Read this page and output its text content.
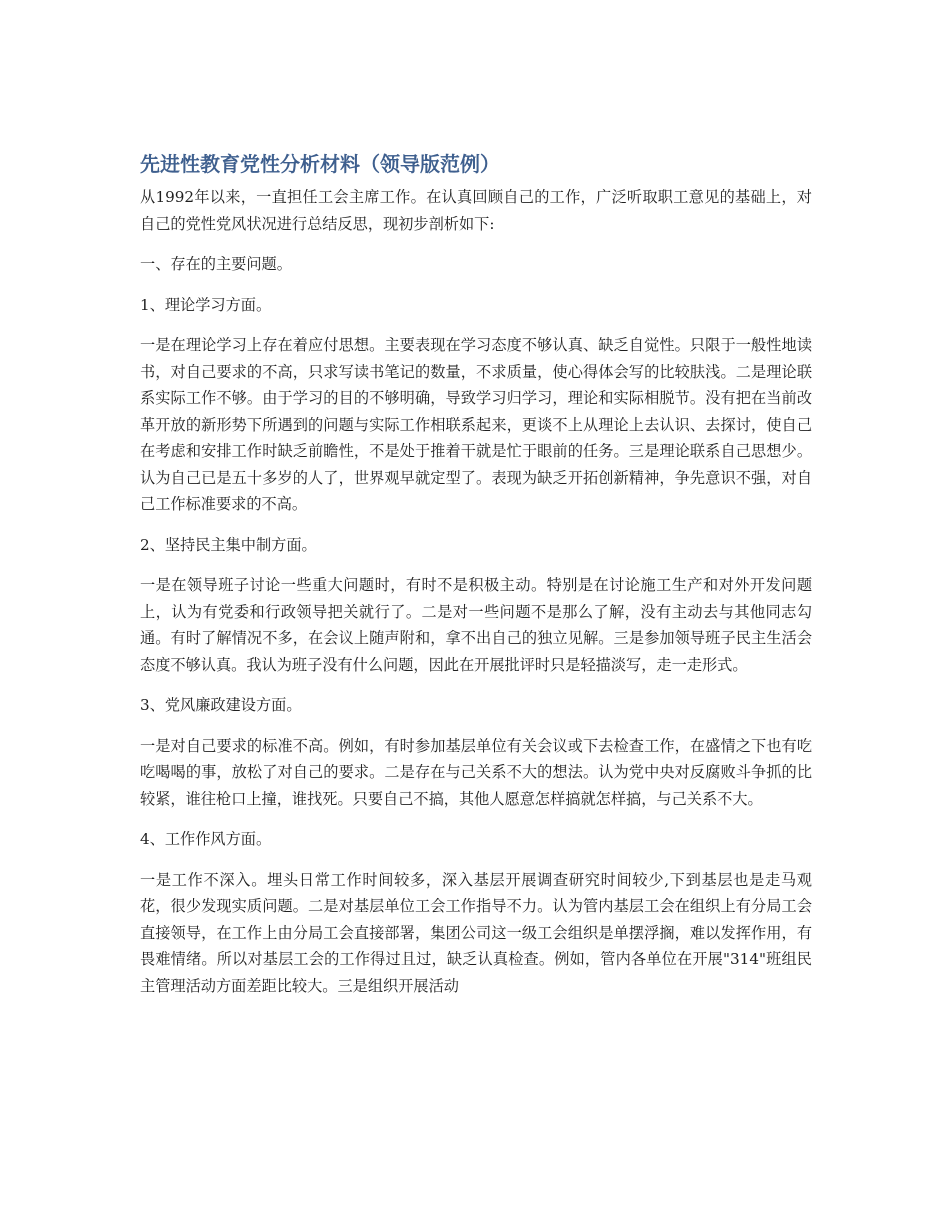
先进性教育党性分析材料（领导版范例）

从1992年以来，一直担任工会主席工作。在认真回顾自己的工作，广泛听取职工意见的基础上，对自己的党性党风状况进行总结反思，现初步剖析如下:

一、存在的主要问题。

1、理论学习方面。

一是在理论学习上存在着应付思想。主要表现在学习态度不够认真、缺乏自觉性。只限于一般性地读书，对自己要求的不高，只求写读书笔记的数量，不求质量，使心得体会写的比较肤浅。二是理论联系实际工作不够。由于学习的目的不够明确，导致学习归学习，理论和实际相脱节。没有把在当前改革开放的新形势下所遇到的问题与实际工作相联系起来，更谈不上从理论上去认识、去探讨，使自己在考虑和安排工作时缺乏前瞻性，不是处于推着干就是忙于眼前的任务。三是理论联系自己思想少。认为自己已是五十多岁的人了，世界观早就定型了。表现为缺乏开拓创新精神，争先意识不强，对自己工作标准要求的不高。

2、坚持民主集中制方面。

一是在领导班子讨论一些重大问题时，有时不是积极主动。特别是在讨论施工生产和对外开发问题上，认为有党委和行政领导把关就行了。二是对一些问题不是那么了解，没有主动去与其他同志勾通。有时了解情况不多，在会议上随声附和，拿不出自己的独立见解。三是参加领导班子民主生活会态度不够认真。我认为班子没有什么问题，因此在开展批评时只是轻描淡写，走一走形式。

3、党风廉政建设方面。

一是对自己要求的标准不高。例如，有时参加基层单位有关会议或下去检查工作，在盛情之下也有吃吃喝喝的事，放松了对自己的要求。二是存在与己关系不大的想法。认为党中央对反腐败斗争抓的比较紧，谁往枪口上撞，谁找死。只要自己不搞，其他人愿意怎样搞就怎样搞，与己关系不大。

4、工作作风方面。

一是工作不深入。埋头日常工作时间较多，深入基层开展调查研究时间较少,下到基层也是走马观花，很少发现实质问题。二是对基层单位工会工作指导不力。认为管内基层工会在组织上有分局工会直接领导，在工作上由分局工会直接部署，集团公司这一级工会组织是单摆浮搁，难以发挥作用，有畏难情绪。所以对基层工会的工作得过且过，缺乏认真检查。例如，管内各单位在开展"314"班组民主管理活动方面差距比较大。三是组织开展活动
